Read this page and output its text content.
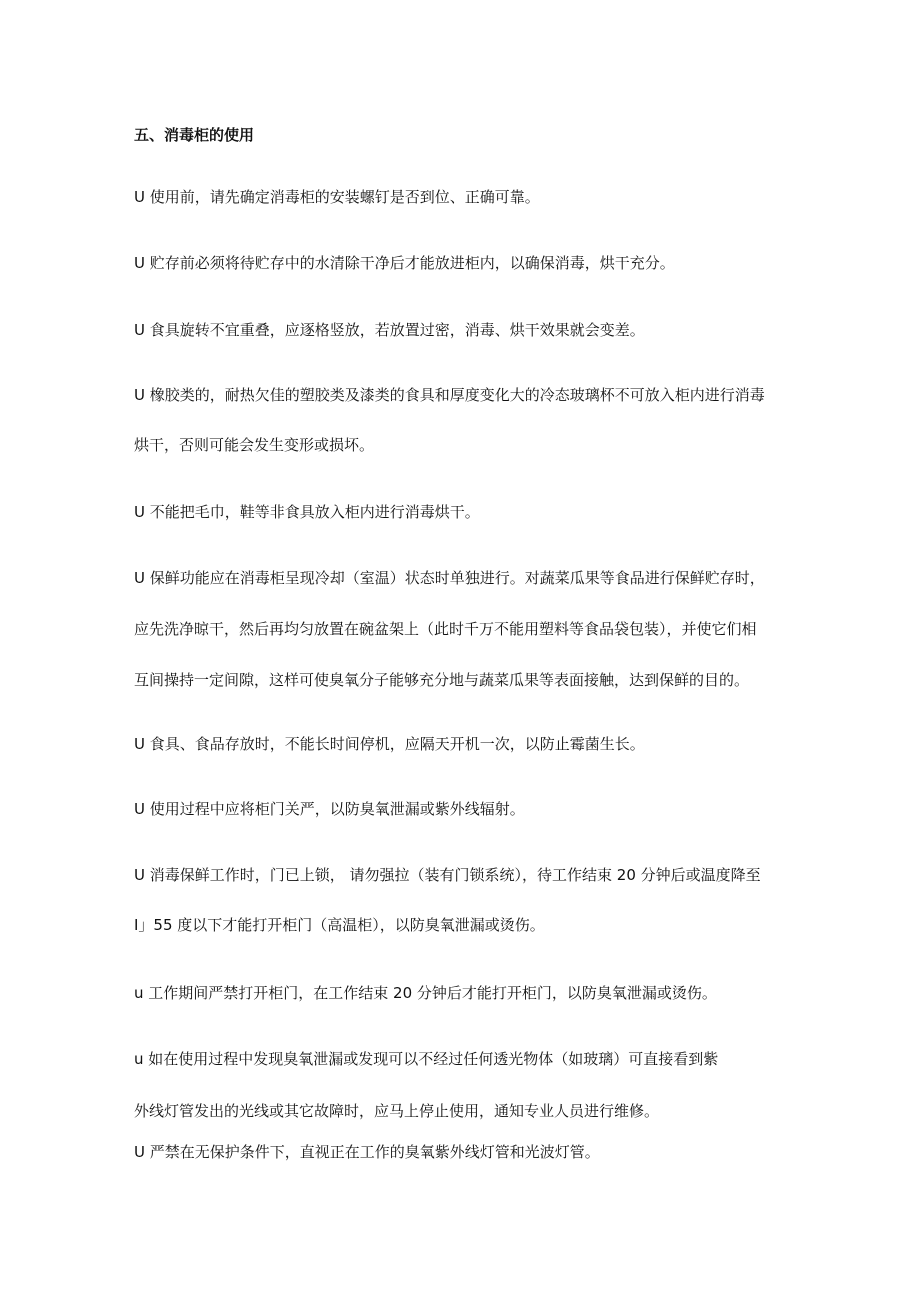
五、消毒柜的使用

U 使用前，请先确定消毒柜的安装螺钉是否到位、正确可靠。

U 贮存前必须将待贮存中的水清除干净后才能放进柜内，以确保消毒，烘干充分。

U 食具旋转不宜重叠，应逐格竖放，若放置过密，消毒、烘干效果就会变差。

U 橡胶类的，耐热欠佳的塑胶类及漆类的食具和厚度变化大的冷态玻璃杯不可放入柜内进行消毒
烘干，否则可能会发生变形或损坏。

U 不能把毛巾，鞋等非食具放入柜内进行消毒烘干。

U 保鲜功能应在消毒柜呈现冷却（室温）状态时单独进行。对蔬菜瓜果等食品进行保鲜贮存时，
应先洗净晾干，然后再均匀放置在碗盆架上（此时千万不能用塑料等食品袋包装），并使它们相
互间操持一定间隙，这样可使臭氧分子能够充分地与蔬菜瓜果等表面接触，达到保鲜的目的。

U 食具、食品存放时，不能长时间停机，应隔天开机一次，以防止霉菌生长。

U 使用过程中应将柜门关严，以防臭氧泄漏或紫外线辐射。

U 消毒保鲜工作时，门已上锁， 请勿强拉（装有门锁系统），待工作结束 20 分钟后或温度降至
I」55 度以下才能打开柜门（高温柜），以防臭氧泄漏或烫伤。

u 工作期间严禁打开柜门，在工作结束 20 分钟后才能打开柜门，以防臭氧泄漏或烫伤。

u 如在使用过程中发现臭氧泄漏或发现可以不经过任何透光物体（如玻璃）可直接看到紫
外线灯管发出的光线或其它故障时，应马上停止使用，通知专业人员进行维修。

U 严禁在无保护条件下，直视正在工作的臭氧紫外线灯管和光波灯管。
